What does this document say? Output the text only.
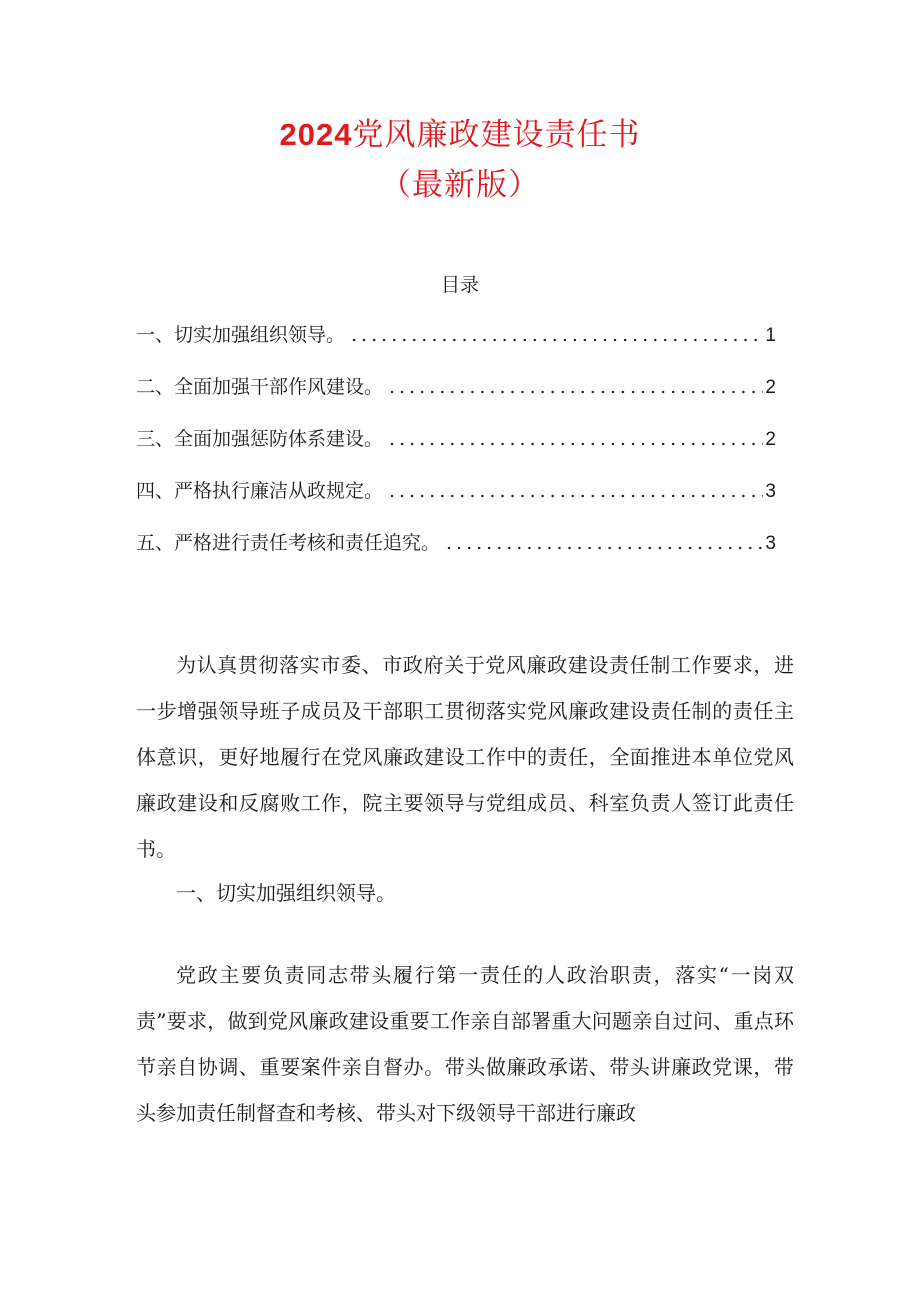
2024党风廉政建设责任书
（最新版）
目录
一、切实加强组织领导。 .....	1
二、全面加强干部作风建设。 .....	2
三、全面加强惩防体系建设。 .....	2
四、严格执行廉洁从政规定。 .....	3
五、严格进行责任考核和责任追究。 .....	3

为认真贯彻落实市委、市政府关于党风廉政建设责任制工作要求，进一步增强领导班子成员及干部职工贯彻落实党风廉政建设责任制的责任主体意识，更好地履行在党风廉政建设工作中的责任，全面推进本单位党风廉政建设和反腐败工作，院主要领导与党组成员、科室负责人签订此责任书。

一、切实加强组织领导。

党政主要负责同志带头履行第一责任的人政治职责，落实“一岗双责”要求，做到党风廉政建设重要工作亲自部署重大问题亲自过问、重点环节亲自协调、重要案件亲自督办。带头做廉政承诺、带头讲廉政党课，带头参加责任制督查和考核、带头对下级领导干部进行廉政
